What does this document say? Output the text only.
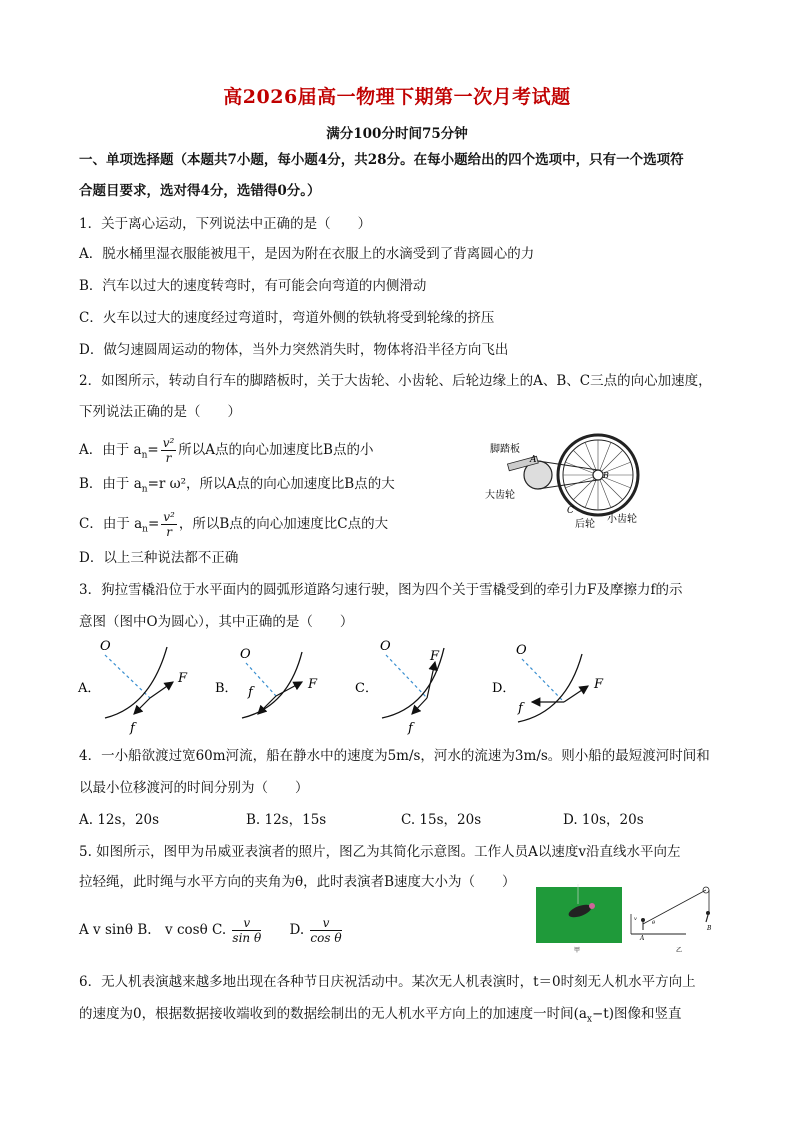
高2026届高一物理下期第一次月考试题
满分100分时间75分钟
一、单项选择题（本题共7小题，每小题4分，共28分。在每小题给出的四个选项中，只有一个选项符
合题目要求，选对得4分，选错得0分。）
1．关于离心运动，下列说法中正确的是（　　）
A．脱水桶里湿衣服能被甩干，是因为附在衣服上的水滴受到了背离圆心的力
B．汽车以过大的速度转弯时，有可能会向弯道的内侧滑动
C．火车以过大的速度经过弯道时，弯道外侧的铁轨将受到轮缘的挤压
D．做匀速圆周运动的物体，当外力突然消失时，物体将沿半径方向飞出
2．如图所示，转动自行车的脚踏板时，关于大齿轮、小齿轮、后轮边缘上的A、B、C三点的向心加速度，
下列说法正确的是（　　）
A．由于 $a_n= \frac{\text{v²}}{r}$ 所以A点的向心加速度比B点的小
B．由于 $a_n=r$ ω²，所以A点的向心加速度比B点的大
C．由于 $a_n= \frac{\text{v²}}{r}$ ，所以B点的向心加速度比C点的大
D．以上三种说法都不正确
脚踏板
大齿轮
后轮 小齿轮
A
B
C
3．狗拉雪橇沿位于水平面内的圆弧形道路匀速行驶，图为四个关于雪橇受到的牵引力F及摩擦力f的示
意图（图中O为圆心），其中正确的是（　　）
A．
O
F
f
B．
O
F
f	C．
O
F
f
D．
O
F
f
4．一小船欲渡过宽60m河流，船在静水中的速度为5m/s，河水的流速为3m/s。则小船的最短渡河时间和
以最小位移渡河的时间分别为（　　）
A. 12s，20s	B. 12s，15s	C. 15s，20s	D. 10s，20s
5. 如图所示，图甲为吊威亚表演者的照片，图乙为其简化示意图。工作人员A以速度v沿直线水平向左
拉轻绳，此时绳与水平方向的夹角为θ，此时表演者B速度大小为（　　）
A v sinθ B.　v cosθ C. $\frac{v}{\text{sin θ}} D$. $\frac{v}{\text{cos θ}}$
甲
A
B
θ
v
乙
6．无人机表演越来越多地出现在各种节日庆祝活动中。某次无人机表演时，t＝0时刻无人机水平方向上
的速度为0，根据数据接收端收到的数据绘制出的无人机水平方向上的加速度一时间$(a_x-t)$图像和竖直
